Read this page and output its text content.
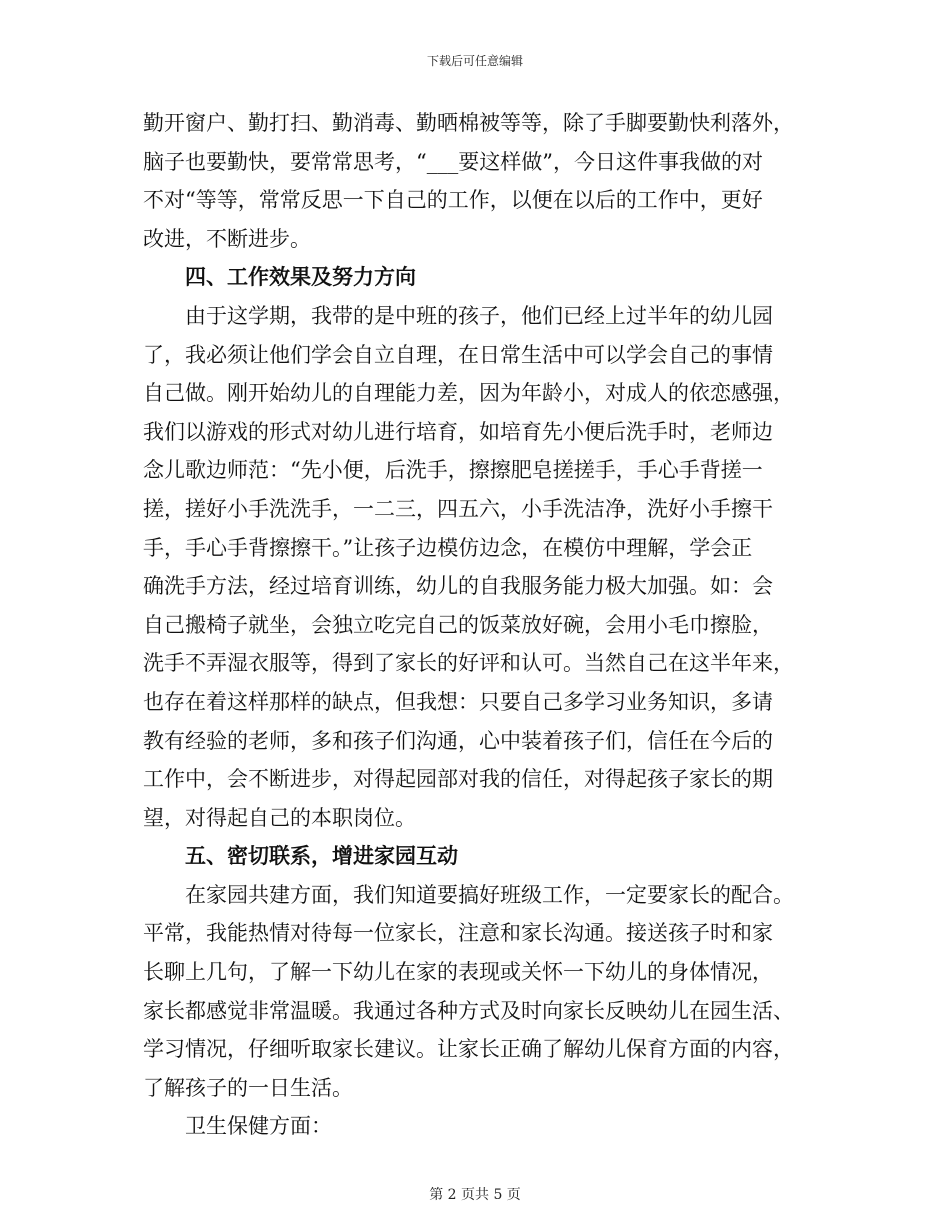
下载后可任意编辑
勤开窗户、勤打扫、勤消毒、勤晒棉被等等，除了手脚要勤快利落外，
脑子也要勤快，要常常思考，“___要这样做”，今日这件事我做的对
不对“等等，常常反思一下自己的工作，以便在以后的工作中，更好
改进，不断进步。
四、工作效果及努力方向
由于这学期，我带的是中班的孩子，他们已经上过半年的幼儿园
了，我必须让他们学会自立自理，在日常生活中可以学会自己的事情
自己做。刚开始幼儿的自理能力差，因为年龄小，对成人的依恋感强，
我们以游戏的形式对幼儿进行培育，如培育先小便后洗手时，老师边
念儿歌边师范：“先小便，后洗手，擦擦肥皂搓搓手，手心手背搓一
搓，搓好小手洗洗手，一二三，四五六，小手洗洁净，洗好小手擦干
手，手心手背擦擦干。”让孩子边模仿边念，在模仿中理解，学会正
确洗手方法，经过培育训练，幼儿的自我服务能力极大加强。如：会
自己搬椅子就坐，会独立吃完自己的饭菜放好碗，会用小毛巾擦脸，
洗手不弄湿衣服等，得到了家长的好评和认可。当然自己在这半年来，
也存在着这样那样的缺点，但我想：只要自己多学习业务知识，多请
教有经验的老师，多和孩子们沟通，心中装着孩子们，信任在今后的
工作中，会不断进步，对得起园部对我的信任，对得起孩子家长的期
望，对得起自己的本职岗位。
五、密切联系，增进家园互动
在家园共建方面，我们知道要搞好班级工作，一定要家长的配合。
平常，我能热情对待每一位家长，注意和家长沟通。接送孩子时和家
长聊上几句，了解一下幼儿在家的表现或关怀一下幼儿的身体情况，
家长都感觉非常温暖。我通过各种方式及时向家长反映幼儿在园生活、
学习情况，仔细听取家长建议。让家长正确了解幼儿保育方面的内容，
了解孩子的一日生活。
卫生保健方面：
第 2 页共 5 页
